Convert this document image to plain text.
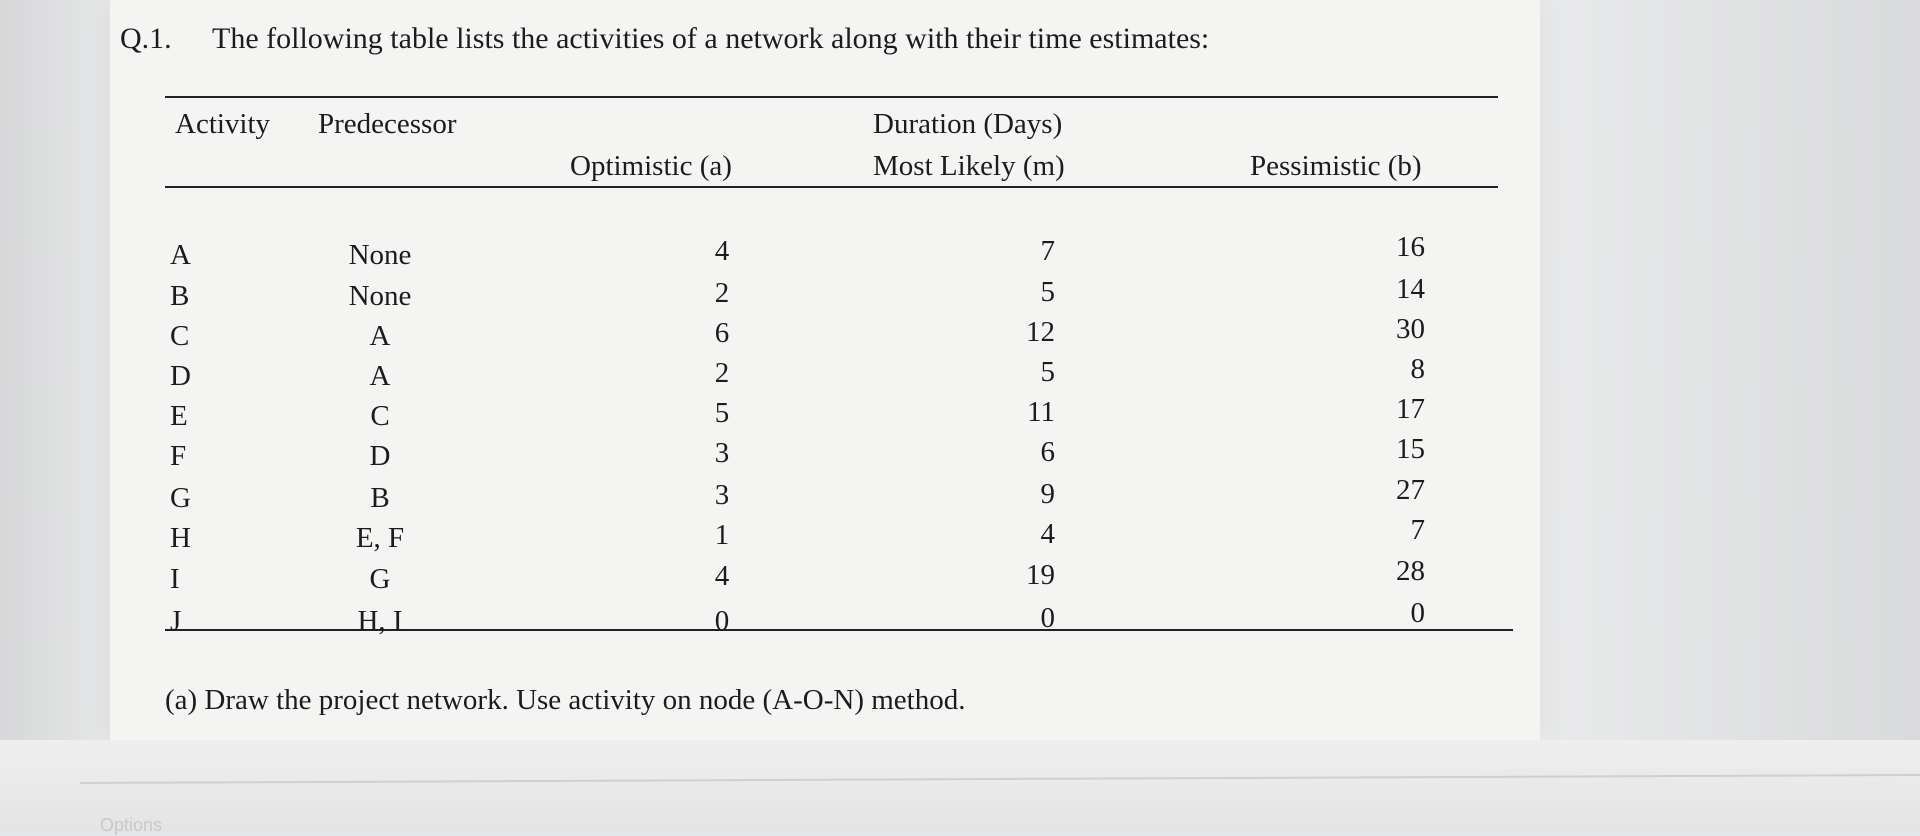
Options
Q.1. The following table lists the activities of a network along with their time estimates:
Activity Predecessor	Duration (Days)
Optimistic (a)	Most Likely (m)	Pessimistic (b)
A	None	4	7	16
B	None	2	5	14
C	A	6	12	30
D	A	2	5	8
E	C	5	11	17
F	D	3	6	15
G	B	3	9	27
H	E, F	1	4	7
I	G	4	19	28
J	H, I	0	0	0
(a) Draw the project network. Use activity on node (A-O-N) method.
